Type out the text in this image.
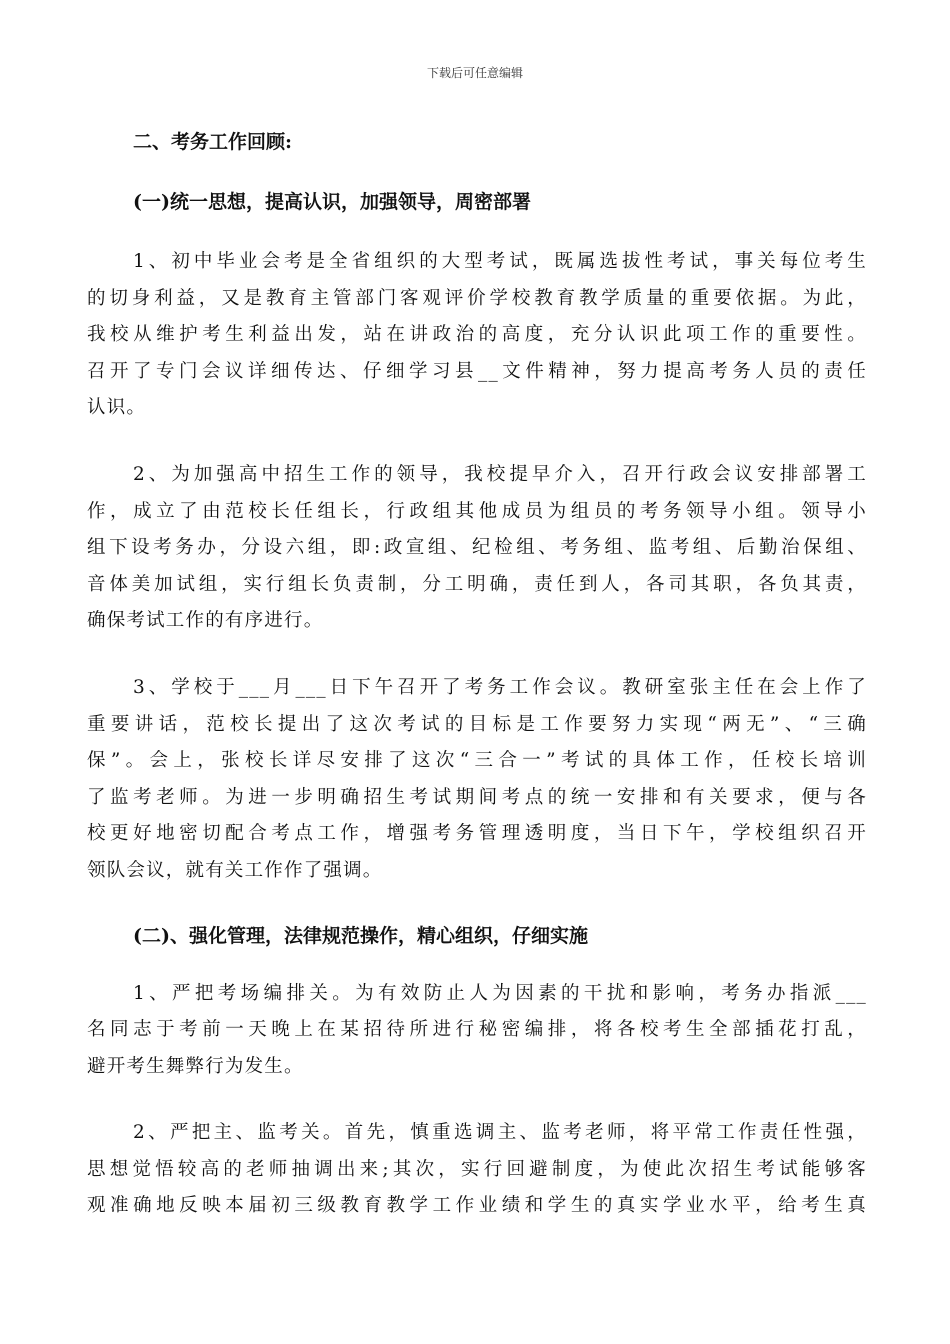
下载后可任意编辑

二、考务工作回顾:

(一)统一思想，提高认识，加强领导，周密部署

1、初中毕业会考是全省组织的大型考试，既属选拔性考试，事关每位考生
的切身利益，又是教育主管部门客观评价学校教育教学质量的重要依据。为此，
我校从维护考生利益出发，站在讲政治的高度，充分认识此项工作的重要性。
召开了专门会议详细传达、仔细学习县__文件精神，努力提高考务人员的责任
认识。
2、为加强高中招生工作的领导，我校提早介入，召开行政会议安排部署工
作，成立了由范校长任组长，行政组其他成员为组员的考务领导小组。领导小
组下设考务办，分设六组，即:政宣组、纪检组、考务组、监考组、后勤治保组、
音体美加试组，实行组长负责制，分工明确，责任到人，各司其职，各负其责，
确保考试工作的有序进行。
3、学校于___月___日下午召开了考务工作会议。教研室张主任在会上作了
重要讲话，范校长提出了这次考试的目标是工作要努力实现“两无”、“三确
保”。会上，张校长详尽安排了这次“三合一”考试的具体工作，任校长培训
了监考老师。为进一步明确招生考试期间考点的统一安排和有关要求，便与各
校更好地密切配合考点工作，增强考务管理透明度，当日下午，学校组织召开
领队会议，就有关工作作了强调。

(二)、强化管理，法律规范操作，精心组织，仔细实施

1、严把考场编排关。为有效防止人为因素的干扰和影响，考务办指派___
名同志于考前一天晚上在某招待所进行秘密编排，将各校考生全部插花打乱，
避开考生舞弊行为发生。
2、严把主、监考关。首先，慎重选调主、监考老师，将平常工作责任性强，
思想觉悟较高的老师抽调出来;其次，实行回避制度，为使此次招生考试能够客
观准确地反映本届初三级教育教学工作业绩和学生的真实学业水平，给考生真
